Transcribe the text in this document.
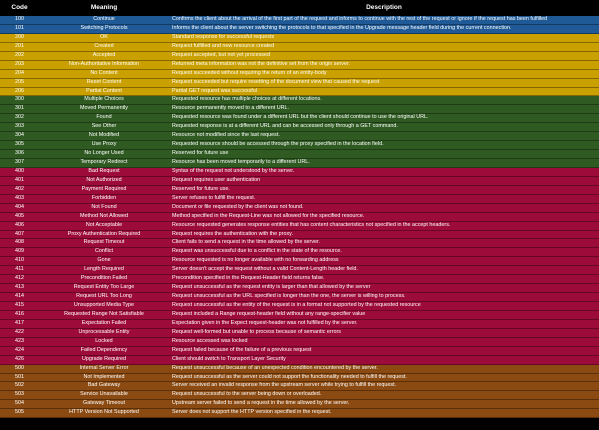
Code	Meaning	Description
100	Continue	Confirms the client about the arrival of the first part of the request and informs to continue with the rest of the request or ignore if the request has been fulfilled
101	Switching Protocols	Informs the client about the server switching the protocols to that specified in the Upgrade message header field during the current connection.
200	OK	Standard response for successful requests
201	Created	Request fulfilled and new resource created
202	Accepted	Request accepted, but not yet processed
203	Non-Authoritative Information	Returned meta information was not the definitive set from the origin server.
204	No Content	Request succeeded without requiring the return of an entity-body
205	Reset Content	Request succeeded but require resetting of the document view that caused the request
206	Partial Content	Partial GET request was successful
300	Multiple Choices	Requested resource has multiple choices at different locations.
301	Moved Permanently	Resource permanently moved to a different URL.
302	Found	Requested resource was found under a different URL but the client should continue to use the original URL.
303	See Other	Requested response is at a different URL and can be accessed only through a GET command.
304	Not Modified	Resource not modified since the last request.
305	Use Proxy	Requested resource should be accessed through the proxy specified in the location field.
306	No Longer Used	Reserved for future use
307	Temporary Redirect	Resource has been moved temporarily to a different URL.
400	Bad Request	Syntax of the request not understood by the server.
401	Not Authorized	Request requires user authentication
402	Payment Required	Reserved for future use.
403	Forbidden	Server refuses to fulfill the request.
404	Not Found	Document or file requested by the client was not found.
405	Method Not Allowed	Method specified in the Request-Line was not allowed for the specified resource.
406	Not Acceptable	Resource requested generates response entities that has content characteristics not specified in the accept headers.
407	Proxy Authentication Required	Request requires the authentication with the proxy.
408	Request Timeout	Client fails to send a request in the time allowed by the server.
409	Conflict	Request was unsuccessful due to a conflict in the state of the resource.
410	Gone	Resource requested is no longer available with no forwarding address
411	Length Required	Server doesn't accept the request without a valid Content-Length header field.
412	Precondition Failed	Precondition specified in the Request-Header field returns false.
413	Request Entity Too Large	Request unsuccessful as the request entity is larger than that allowed by the server
414	Request URL Too Long	Request unsuccessful as the URL specified is longer than the one, the server is willing to process.
415	Unsupported Media Type	Request unsuccessful as the entity of the request is in a format not supported by the requested resource
416	Requested Range Not Satisfiable	Request included a Range request-header field without any range-specifier value
417	Expectation Failed	Expectation given in the Expect request-header was not fulfilled by the server.
422	Unprocessable Entity	Request well-formed but unable to process because of semantic errors
423	Locked	Resource accessed was locked
424	Failed Dependency	Request failed because of the failure of a previous request
426	Upgrade Required	Client should switch to Transport Layer Security
500	Internal Server Error	Request unsuccessful because of an unexpected condition encountered by the server.
501	Not Implemented	Request unsuccessful as the server could not support the functionality needed to fulfill the request.
502	Bad Gateway	Server received an invalid response from the upstream server while trying to fulfill the request.
503	Service Unavailable	Request unsuccessful to the server being down or overloaded.
504	Gateway Timeout	Upstream server failed to send a request in the time allowed by the server.
505	HTTP Version Not Supported	Server does not support the HTTP version specified in the request.
